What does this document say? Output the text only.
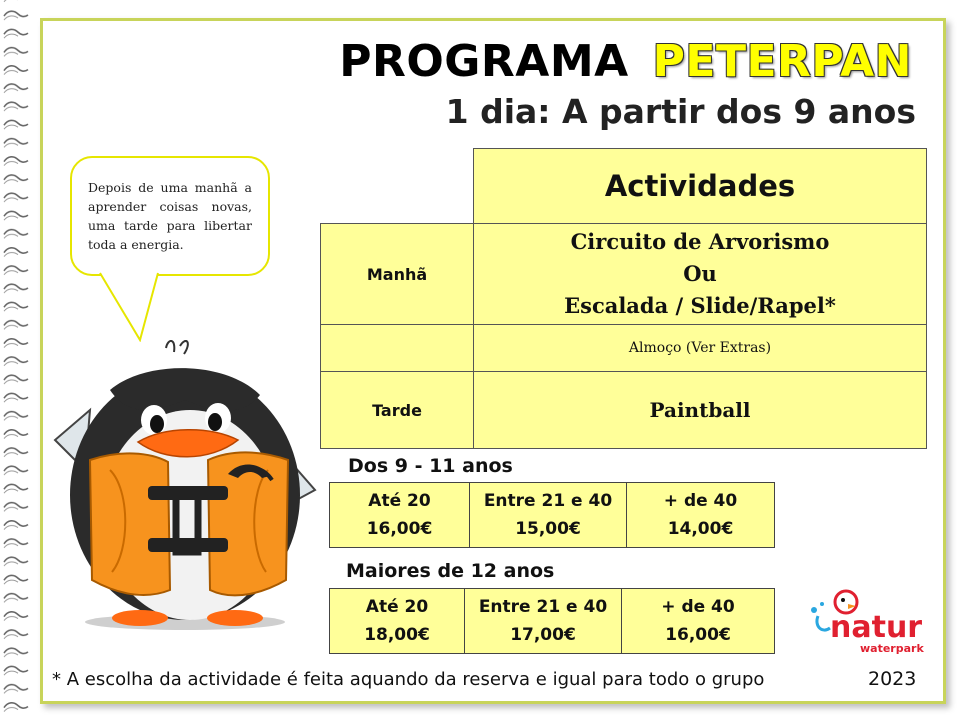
PROGRAMA PETERPAN
1 dia: A partir dos 9 anos
Depois de uma manhã a aprender coisas novas, uma tarde para libertar toda a energia.
	Actividades
Manhã	Circuito de Arvorismo
Ou
Escalada / Slide/Rapel*

	Almoço (Ver Extras)
Tarde	Paintball
Dos 9 - 11 anos
Até 20
16,00€

Entre 21 e 40
15,00€

+ de 40
14,00€
Maiores de 12 anos
Até 20
18,00€

Entre 21 e 40
17,00€

+ de 40
16,00€	natur
waterpark
* A escolha da actividade é feita aquando da reserva e igual para todo o grupo	2023
